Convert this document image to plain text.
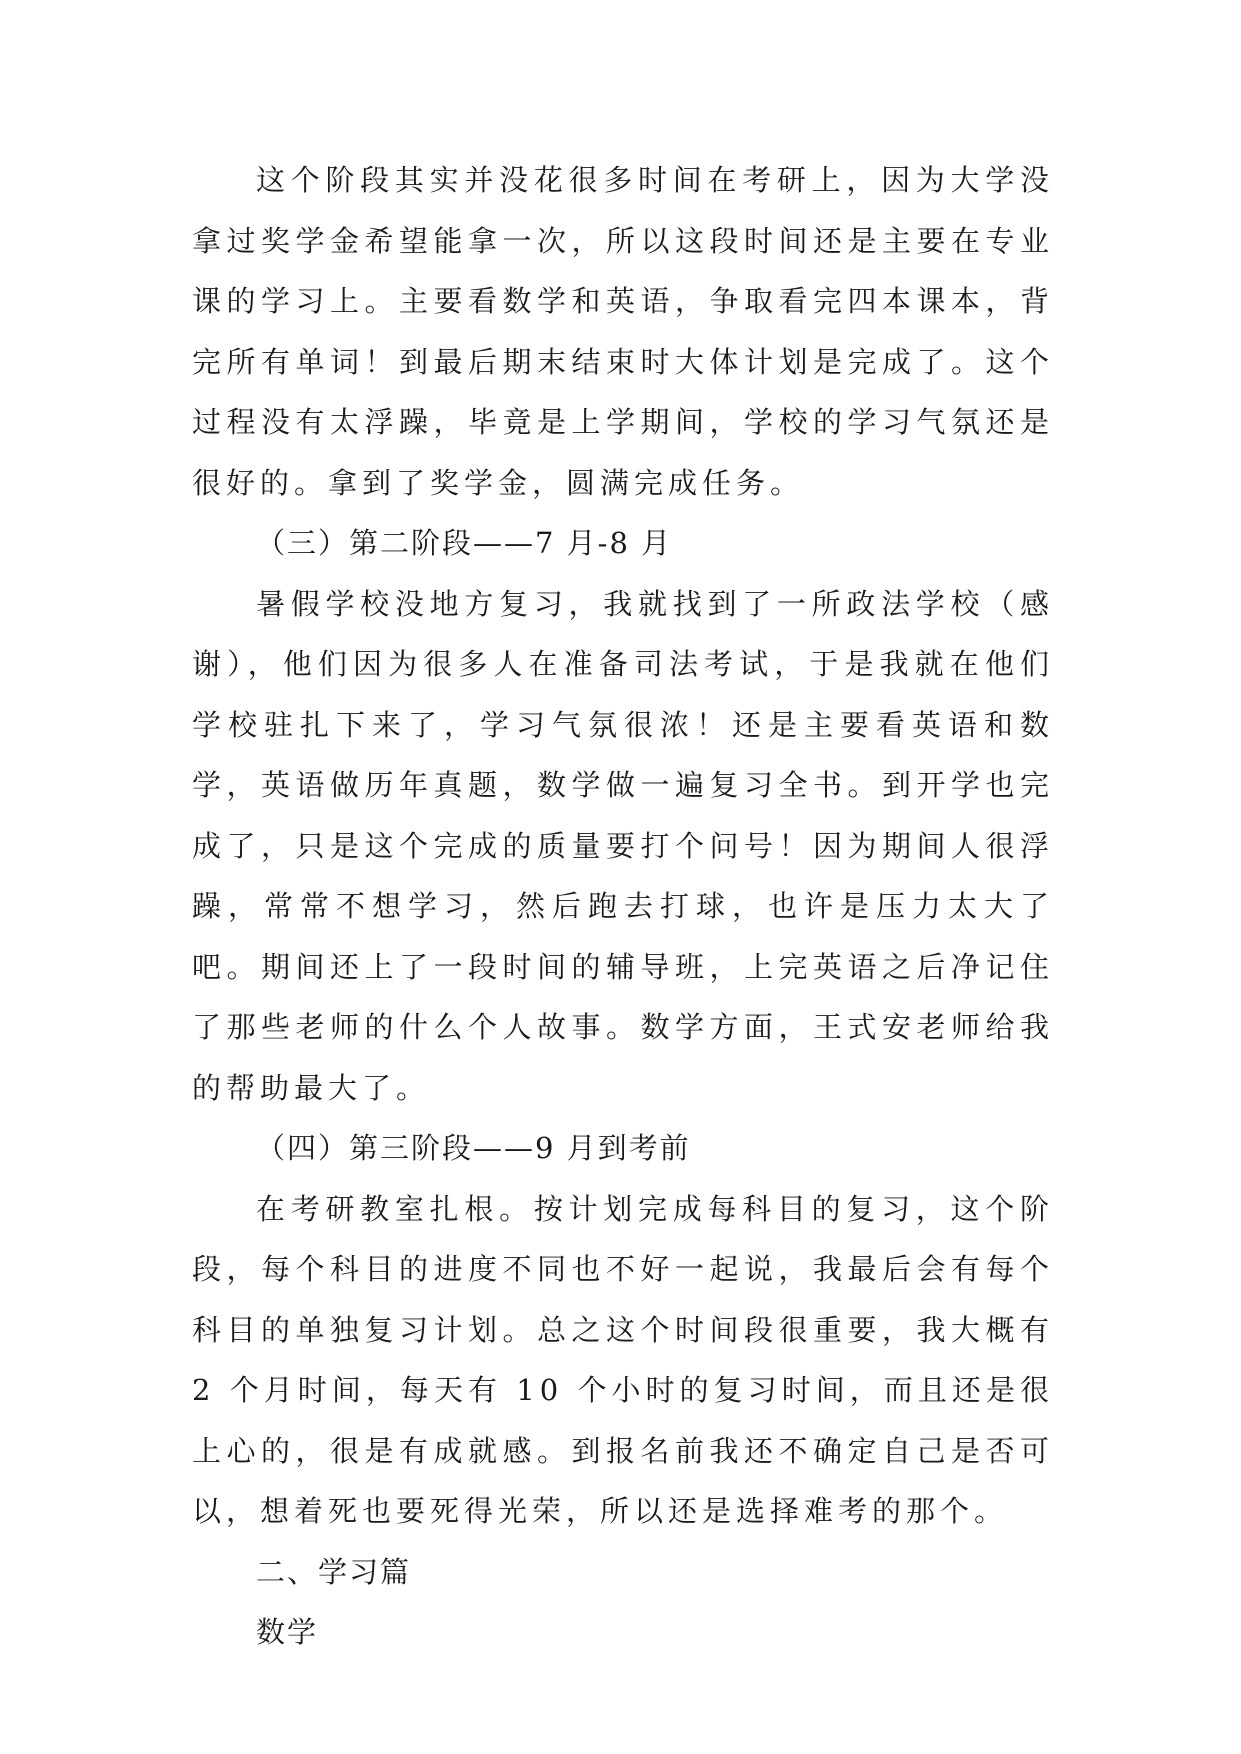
这个阶段其实并没花很多时间在考研上，因为大学没拿过奖学金希望能拿一次，所以这段时间还是主要在专业课的学习上。主要看数学和英语，争取看完四本课本，背完所有单词！到最后期末结束时大体计划是完成了。这个过程没有太浮躁，毕竟是上学期间，学校的学习气氛还是很好的。拿到了奖学金，圆满完成任务。

（三）第二阶段——7 月-8 月

暑假学校没地方复习，我就找到了一所政法学校（感谢），他们因为很多人在准备司法考试，于是我就在他们学校驻扎下来了，学习气氛很浓！还是主要看英语和数学，英语做历年真题，数学做一遍复习全书。到开学也完成了，只是这个完成的质量要打个问号！因为期间人很浮躁，常常不想学习，然后跑去打球，也许是压力太大了吧。期间还上了一段时间的辅导班，上完英语之后净记住了那些老师的什么个人故事。数学方面，王式安老师给我的帮助最大了。

（四）第三阶段——9 月到考前

在考研教室扎根。按计划完成每科目的复习，这个阶段，每个科目的进度不同也不好一起说，我最后会有每个科目的单独复习计划。总之这个时间段很重要，我大概有 2 个月时间，每天有 10 个小时的复习时间，而且还是很上心的，很是有成就感。到报名前我还不确定自己是否可以，想着死也要死得光荣，所以还是选择难考的那个。

二、学习篇

数学
